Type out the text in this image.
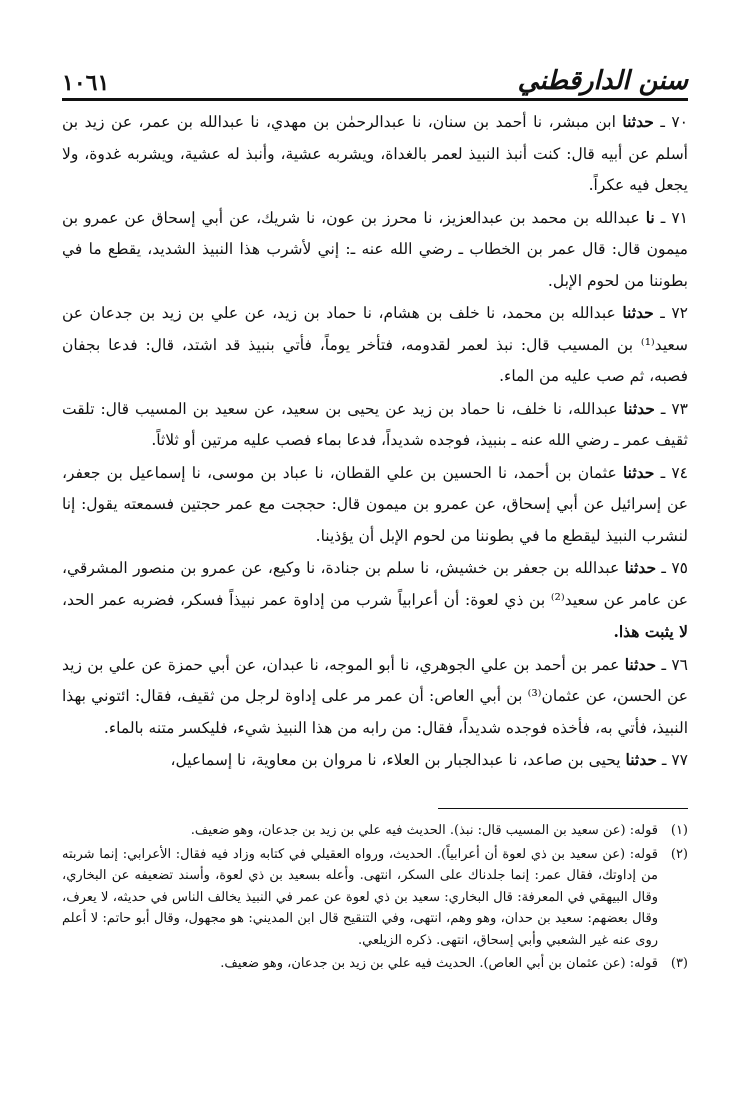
١٠٦١	سنن الدارقطني

٧٠ ـ حدثنا ابن مبشر، نا أحمد بن سنان، نا عبدالرحمٰن بن مهدي، نا عبدالله بن عمر، عن زيد بن أسلم عن أبيه قال: كنت أنبذ النبيذ لعمر بالغداة، ويشربه عشية، وأنبذ له عشية، ويشربه غدوة، ولا يجعل فيه عكراً.

٧١ ـ نا عبدالله بن محمد بن عبدالعزيز، نا محرز بن عون، نا شريك، عن أبي إسحاق عن عمرو بن ميمون قال: قال عمر بن الخطاب ـ رضي الله عنه ـ: إني لأشرب هذا النبيذ الشديد، يقطع ما في بطوننا من لحوم الإبل.

٧٢ ـ حدثنا عبدالله بن محمد، نا خلف بن هشام، نا حماد بن زيد، عن علي بن زيد بن جدعان عن سعيد⁽¹⁾ بن المسيب قال: نبذ لعمر لقدومه، فتأخر يوماً، فأتي بنبيذ قد اشتد، قال: فدعا بجفان فصبه، ثم صب عليه من الماء.

٧٣ ـ حدثنا عبدالله، نا خلف، نا حماد بن زيد عن يحيى بن سعيد، عن سعيد بن المسيب قال: تلقت ثقيف عمر ـ رضي الله عنه ـ بنبيذ، فوجده شديداً، فدعا بماء فصب عليه مرتين أو ثلاثاً.

٧٤ ـ حدثنا عثمان بن أحمد، نا الحسين بن علي القطان، نا عباد بن موسى، نا إسماعيل بن جعفر، عن إسرائيل عن أبي إسحاق، عن عمرو بن ميمون قال: حججت مع عمر حجتين فسمعته يقول: إنا لنشرب النبيذ ليقطع ما في بطوننا من لحوم الإبل أن يؤذينا.

٧٥ ـ حدثنا عبدالله بن جعفر بن خشيش، نا سلم بن جنادة، نا وكيع، عن عمرو بن منصور المشرقي، عن عامر عن سعيد⁽²⁾ بن ذي لعوة: أن أعرابياً شرب من إداوة عمر نبيذاً فسكر، فضربه عمر الحد، لا يثبت هذا.

٧٦ ـ حدثنا عمر بن أحمد بن علي الجوهري، نا أبو الموجه، نا عبدان، عن أبي حمزة عن علي بن زيد عن الحسن، عن عثمان⁽³⁾ بن أبي العاص: أن عمر مر على إداوة لرجل من ثقيف، فقال: ائتوني بهذا النبيذ، فأتي به، فأخذه فوجده شديداً، فقال: من رابه من هذا النبيذ شيء، فليكسر متنه بالماء.

٧٧ ـ حدثنا يحيى بن صاعد، نا عبدالجبار بن العلاء، نا مروان بن معاوية، نا إسماعيل،

(١)
قوله: (عن سعيد بن المسيب قال: نبذ). الحديث فيه علي بن زيد بن جدعان، وهو ضعيف.
(٢)
قوله: (عن سعيد بن ذي لعوة أن أعرابياً). الحديث، ورواه العقيلي في كتابه وزاد فيه فقال: الأعرابي: إنما شربته من إداوتك، فقال عمر: إنما جلدناك على السكر، انتهى. وأعله بسعيد بن ذي لعوة، وأسند تضعيفه عن البخاري، وقال البيهقي في المعرفة: قال البخاري: سعيد بن ذي لعوة عن عمر في النبيذ يخالف الناس في حديثه، لا يعرف، وقال بعضهم: سعيد بن حدان، وهو وهم، انتهى، وفي التنقيح قال ابن المديني: هو مجهول، وقال أبو حاتم: لا أعلم روى عنه غير الشعبي وأبي إسحاق، انتهى. ذكره الزيلعي.
(٣)
قوله: (عن عثمان بن أبي العاص). الحديث فيه علي بن زيد بن جدعان، وهو ضعيف.
